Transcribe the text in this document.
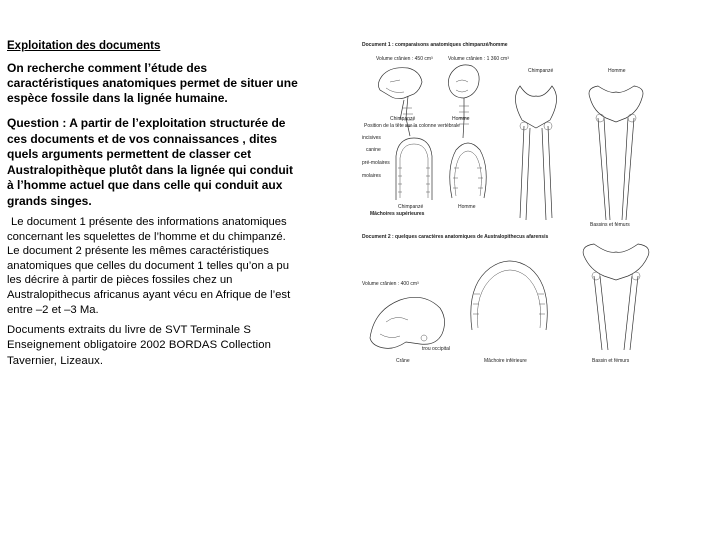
Exploitation des documents
On recherche comment l’étude des caractéristiques anatomiques permet de situer une espèce fossile dans la lignée humaine.
Question : A partir de l’exploitation structurée de ces documents et de vos connaissances , dites quels arguments permettent de classer cet Australopithèque plutôt dans la lignée qui conduit à l’homme actuel que dans celle qui conduit aux grands singes.

Le document 1 présente des informations anatomiques concernant les squelettes de l’homme et du chimpanzé. Le document 2 présente les mêmes caractéristiques anatomiques que celles du document 1 telles qu’on a pu les décrire à partir de pièces fossiles chez un Australopithecus africanus ayant vécu en Afrique de l’est entre –2 et –3 Ma.

Documents extraits du livre de SVT Terminale S Enseignement obligatoire 2002 BORDAS Collection Tavernier, Lizeaux.

Document 1 : comparaisons anatomiques chimpanzé/homme
Volume crânien : 450 cm³	Volume crânien : 1 360 cm³
Chimpanzé	Homme
Position de la tête sur la colonne vertébrale
incisives
canine
pré-molaires
molaires
Chimpanzé	Homme
Mâchoires supérieures
Chimpanzé	Homme
Bassins et fémurs
Document 2 : quelques caractères anatomiques de Australopithecus afarensis
Volume crânien : 400 cm³
trou occipital
Crâne	Mâchoire inférieure	Bassin et fémurs
